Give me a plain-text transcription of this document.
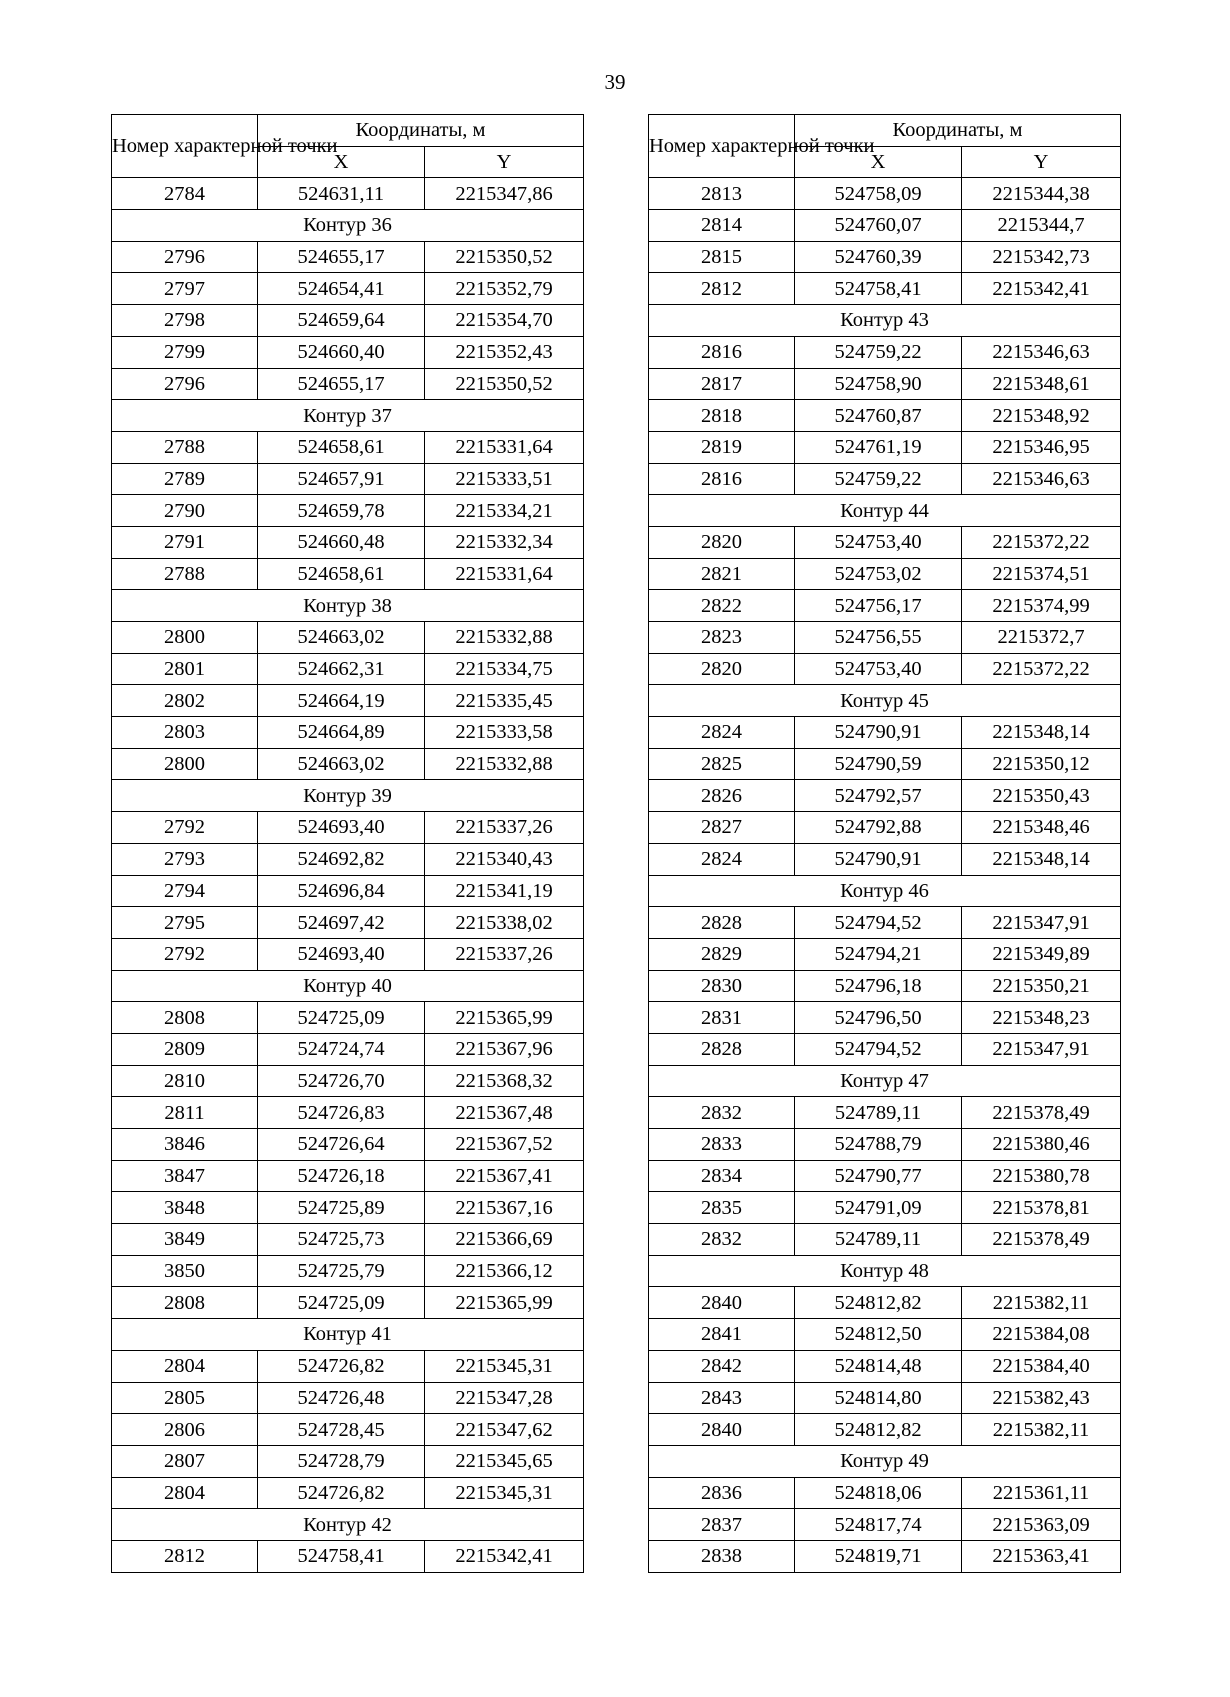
39
Номер характерной точки	Координаты, м	
	X	Y
2784	524631,11	2215347,86
Контур 36		
2796	524655,17	2215350,52
2797	524654,41	2215352,79
2798	524659,64	2215354,70
2799	524660,40	2215352,43
2796	524655,17	2215350,52
Контур 37		
2788	524658,61	2215331,64
2789	524657,91	2215333,51
2790	524659,78	2215334,21
2791	524660,48	2215332,34
2788	524658,61	2215331,64
Контур 38		
2800	524663,02	2215332,88
2801	524662,31	2215334,75
2802	524664,19	2215335,45
2803	524664,89	2215333,58
2800	524663,02	2215332,88
Контур 39		
2792	524693,40	2215337,26
2793	524692,82	2215340,43
2794	524696,84	2215341,19
2795	524697,42	2215338,02
2792	524693,40	2215337,26
Контур 40		
2808	524725,09	2215365,99
2809	524724,74	2215367,96
2810	524726,70	2215368,32
2811	524726,83	2215367,48
3846	524726,64	2215367,52
3847	524726,18	2215367,41
3848	524725,89	2215367,16
3849	524725,73	2215366,69
3850	524725,79	2215366,12
2808	524725,09	2215365,99
Контур 41		
2804	524726,82	2215345,31
2805	524726,48	2215347,28
2806	524728,45	2215347,62
2807	524728,79	2215345,65
2804	524726,82	2215345,31
Контур 42		
2812	524758,41	2215342,41
Номер характерной точки	Координаты, м	
	X	Y
2813	524758,09	2215344,38
2814	524760,07	2215344,7
2815	524760,39	2215342,73
2812	524758,41	2215342,41
Контур 43		
2816	524759,22	2215346,63
2817	524758,90	2215348,61
2818	524760,87	2215348,92
2819	524761,19	2215346,95
2816	524759,22	2215346,63
Контур 44		
2820	524753,40	2215372,22
2821	524753,02	2215374,51
2822	524756,17	2215374,99
2823	524756,55	2215372,7
2820	524753,40	2215372,22
Контур 45		
2824	524790,91	2215348,14
2825	524790,59	2215350,12
2826	524792,57	2215350,43
2827	524792,88	2215348,46
2824	524790,91	2215348,14
Контур 46		
2828	524794,52	2215347,91
2829	524794,21	2215349,89
2830	524796,18	2215350,21
2831	524796,50	2215348,23
2828	524794,52	2215347,91
Контур 47		
2832	524789,11	2215378,49
2833	524788,79	2215380,46
2834	524790,77	2215380,78
2835	524791,09	2215378,81
2832	524789,11	2215378,49
Контур 48		
2840	524812,82	2215382,11
2841	524812,50	2215384,08
2842	524814,48	2215384,40
2843	524814,80	2215382,43
2840	524812,82	2215382,11
Контур 49		
2836	524818,06	2215361,11
2837	524817,74	2215363,09
2838	524819,71	2215363,41
